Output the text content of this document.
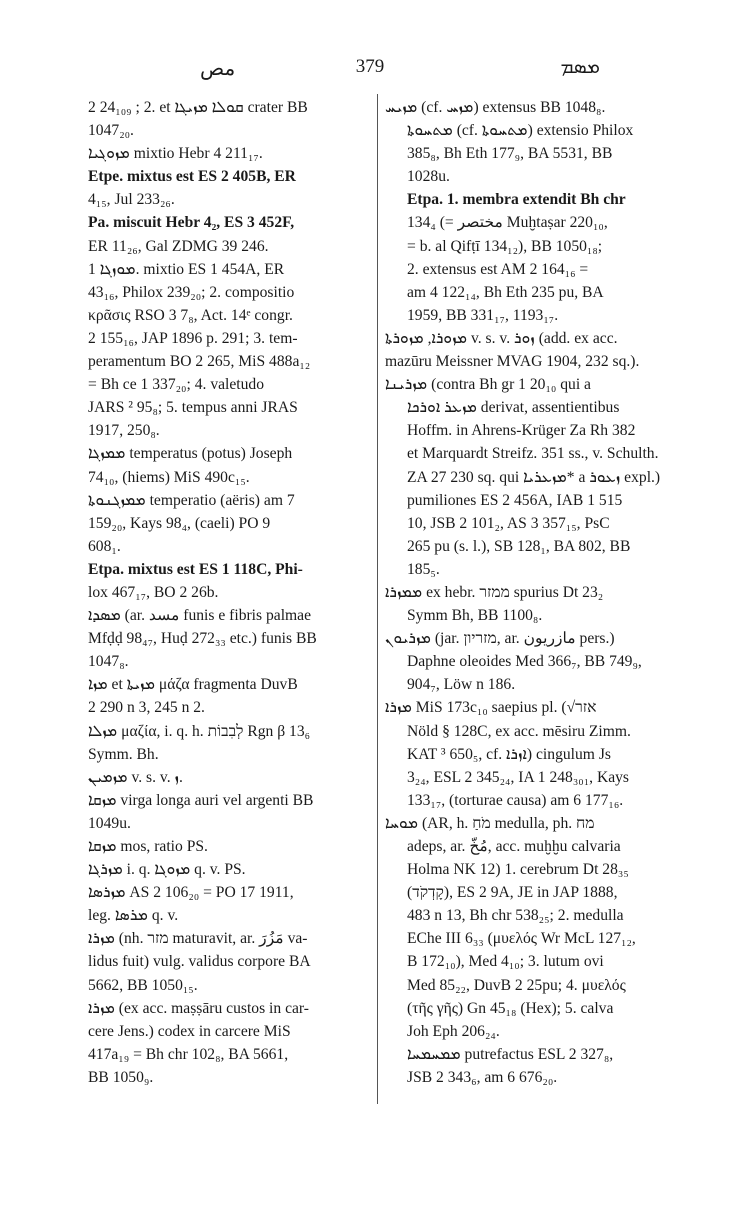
مص	379	ܡܣܡ
2 24₁₀₉ ; 2. et ܩܘܠܐ ܡܙܝܓܐ crater BB
1047₂₀.
ܡܙܘܓܝܐ mixtio Hebr 4 211₁₇.
Etpe. mixtus est ES 2 405B, ER
4₁₅, Jul 233₂₆.
Pa. miscuit Hebr 4₂, ES 3 452F,
ER 11₂₆, Gal ZDMG 39 246.
ܡܘܙܓܐ 1. mixtio ES 1 454A, ER
43₁₆, Philox 239₂₀; 2. compositio
κρᾶσις RSO 3 7₈, Act. 14ᵉ congr.
2 155₁₆, JAP 1896 p. 291; 3. tem-
peramentum BO 2 265, MiS 488a₁₂
= Bh ce 1 337₂₀; 4. valetudo
JARS ² 95₈; 5. tempus anni JRAS
1917, 250₈.
ܡܡܙܓܐ temperatus (potus) Joseph
74₁₀, (hiems) MiS 490c₁₅.
ܡܡܙܓܢܘܬܐ temperatio (aëris) am 7
159₂₀, Kays 98₄, (caeli) PO 9
608₁.
Etpa. mixtus est ES 1 118C, Phi-
lox 467₁₇, BO 2 26b.
ܡܣܕܐ (ar. مسد funis e fibris palmae
Mfḍḍ 98₄₇, Huḍ 272₃₃ etc.) funis BB
1047₈.
ܡܙܐ et ܡܙܝܬܐ μάζα fragmenta DuvB
2 290 n 3, 245 n 2.
ܡܙܠܐ μαζία, i. q. h. לְבִבוֹת Rgn β 13₆
Symm. Bh.
ܡܙܡܝܢ v. s. v. ܙ.
ܡܙܩܐ virga longa auri vel argenti BB
1049u.
ܡܙܩܐ mos, ratio PS.
ܡܙܪܓܐ i. q. ܡܙܘܓܐ q. v. PS.
ܡܙܪܣܐ AS 2 106₂₀ = PO 17 1911,
leg. ܡܪܣܐ q. v.
ܡܙܪܐ (nh. מזר maturavit, ar. مَزُرَ va-
lidus fuit) vulg. validus corpore BA
5662, BB 1050₁₅.
ܡܙܪܐ (ex acc. maṣṣāru custos in car-
cere Jens.) codex in carcere MiS
417a₁₉ = Bh chr 102₈, BA 5661,
BB 1050₉.
ܡܙܝܚ (cf. ܡܙܚ) extensus BB 1048₈.
ܡܬܚܘܬܐ (cf. ܡܬܚܘܬܐ) extensio Philox
385₈, Bh Eth 177₉, BA 5531, BB
1028u.
Etpa. 1. membra extendit Bh chr
134₄ (= مختصر Muḫtaṣar 220₁₀,
= b. al Qifṭī 134₁₂), BB 1050₁₈;
2. extensus est AM 2 164₁₆ =
am 4 122₁₄, Bh Eth 235 pu, BA
1959, BB 331₁₇, 1193₁₇.
ܡܙܘܪܐ, ܡܙܘܪܬܐ v. s. v. ܙܘܪ (add. ex acc.
mazūru Meissner MVAG 1904, 232 sq.).
ܡܙܪܝܢܐ (contra Bh gr 1 20₁₀ qui a
ܡܙܥܪ ܐܘܪܟܐ derivat, assentientibus
Hoffm. in Ahrens-Krüger Za Rh 382
et Marquardt Streifz. 351 ss., v. Schulth.
ZA 27 230 sq. qui ܡܙܥܪܝܐ* a ܙܥܘܪ expl.)
pumiliones ES 2 456A, IAB 1 515
10, JSB 2 101₂, AS 3 357₁₅, PsC
265 pu (s. l.), SB 128₁, BA 802, BB
185₅.
ܡܡܙܪܐ ex hebr. ממזר spurius Dt 23₂
Symm Bh, BB 1100₈.
ܡܙܪܝܘܢ (jar. מזריון, ar. مازريون pers.)
Daphne oleoides Med 366₇, BB 749₉,
904₇, Löw n 186.
ܡܙܪܐ MiS 173c₁₀ saepius pl. (√אזר
Nöld § 128C, ex acc. mēsiru Zimm.
KAT ³ 650₅, cf. ܐܙܪܐ) cingulum Js
3₂₄, ESL 2 345₂₄, IA 1 248₃₀₁, Kays
133₁₇, (torturae causa) am 6 177₁₆.
ܡܘܚܐ (AR, h. מֹחַ medulla, ph. מח
adeps, ar. مُخّ, acc. muḫḫu calvaria
Holma NK 12) 1. cerebrum Dt 28₃₅
(קָדְקֹד), ES 2 9A, JE in JAP 1888,
483 n 13, Bh chr 538₂₅; 2. medulla
EChe III 6₃₃ (μυελός Wr McL 127₁₂,
B 172₁₀), Med 4₁₀; 3. lutum ovi
Med 85₂₂, DuvB 2 25pu; 4. μυελός
(τῆς γῆς) Gn 45₁₈ (Hex); 5. calva
Joh Eph 206₂₄.
ܡܡܚܡܚܐ putrefactus ESL 2 327₈,
JSB 2 343₆, am 6 676₂₀.
